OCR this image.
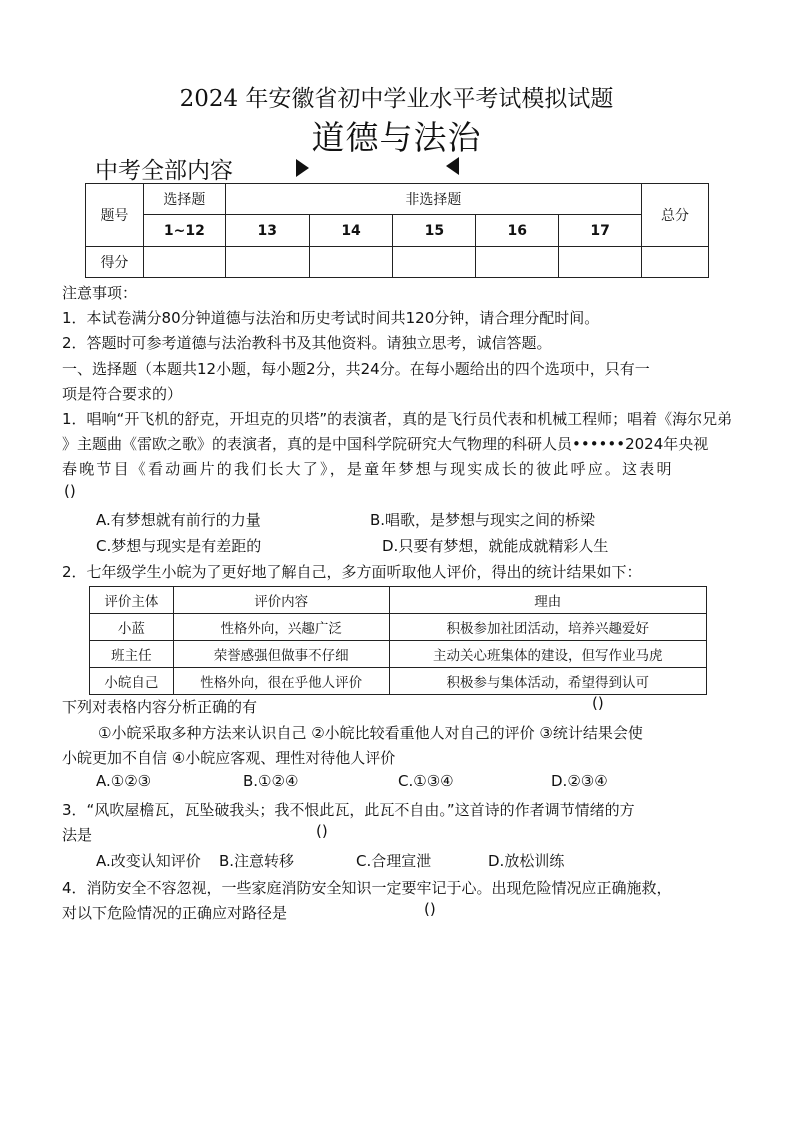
2024 年安徽省初中学业水平考试模拟试题
道德与法治
中考全部内容
题号	选择题	非选择题					总分
	1~12	13	14	15	16	17	
得分							
注意事项：
1．本试卷满分80分钟道德与法治和历史考试时间共120分钟，请合理分配时间。
2．答题时可参考道德与法治教科书及其他资料。请独立思考，诚信答题。
一、选择题（本题共12小题，每小题2分，共24分。在每小题给出的四个选项中，只有一
项是符合要求的）
1．唱响“开飞机的舒克，开坦克的贝塔”的表演者，真的是飞行员代表和机械工程师；唱着《海尔兄弟
》主题曲《雷欧之歌》的表演者，真的是中国科学院研究大气物理的科研人员••••••2024年央视
春晚节目《看动画片的我们长大了》，是童年梦想与现实成长的彼此呼应。这表明
()
A.有梦想就有前行的力量	B.唱歌，是梦想与现实之间的桥梁
C.梦想与现实是有差距的	D.只要有梦想，就能成就精彩人生
2．七年级学生小皖为了更好地了解自己，多方面听取他人评价，得出的统计结果如下：
评价主体	评价内容	理由
小蓝	性格外向，兴趣广泛	积极参加社团活动，培养兴趣爱好
班主任	荣誉感强但做事不仔细	主动关心班集体的建设，但写作业马虎
小皖自己	性格外向，很在乎他人评价	积极参与集体活动，希望得到认可
下列对表格内容分析正确的有	()
①小皖采取多种方法来认识自己 ②小皖比较看重他人对自己的评价 ③统计结果会使
小皖更加不自信 ④小皖应客观、理性对待他人评价
A.①②③	B.①②④	C.①③④	D.②③④
3．“风吹屋檐瓦，瓦坠破我头；我不恨此瓦，此瓦不自由。”这首诗的作者调节情绪的方
法是	()
A.改变认知评价 B.注意转移	C.合理宣泄	D.放松训练
4．消防安全不容忽视，一些家庭消防安全知识一定要牢记于心。出现危险情况应正确施救，
对以下危险情况的正确应对路径是	()
